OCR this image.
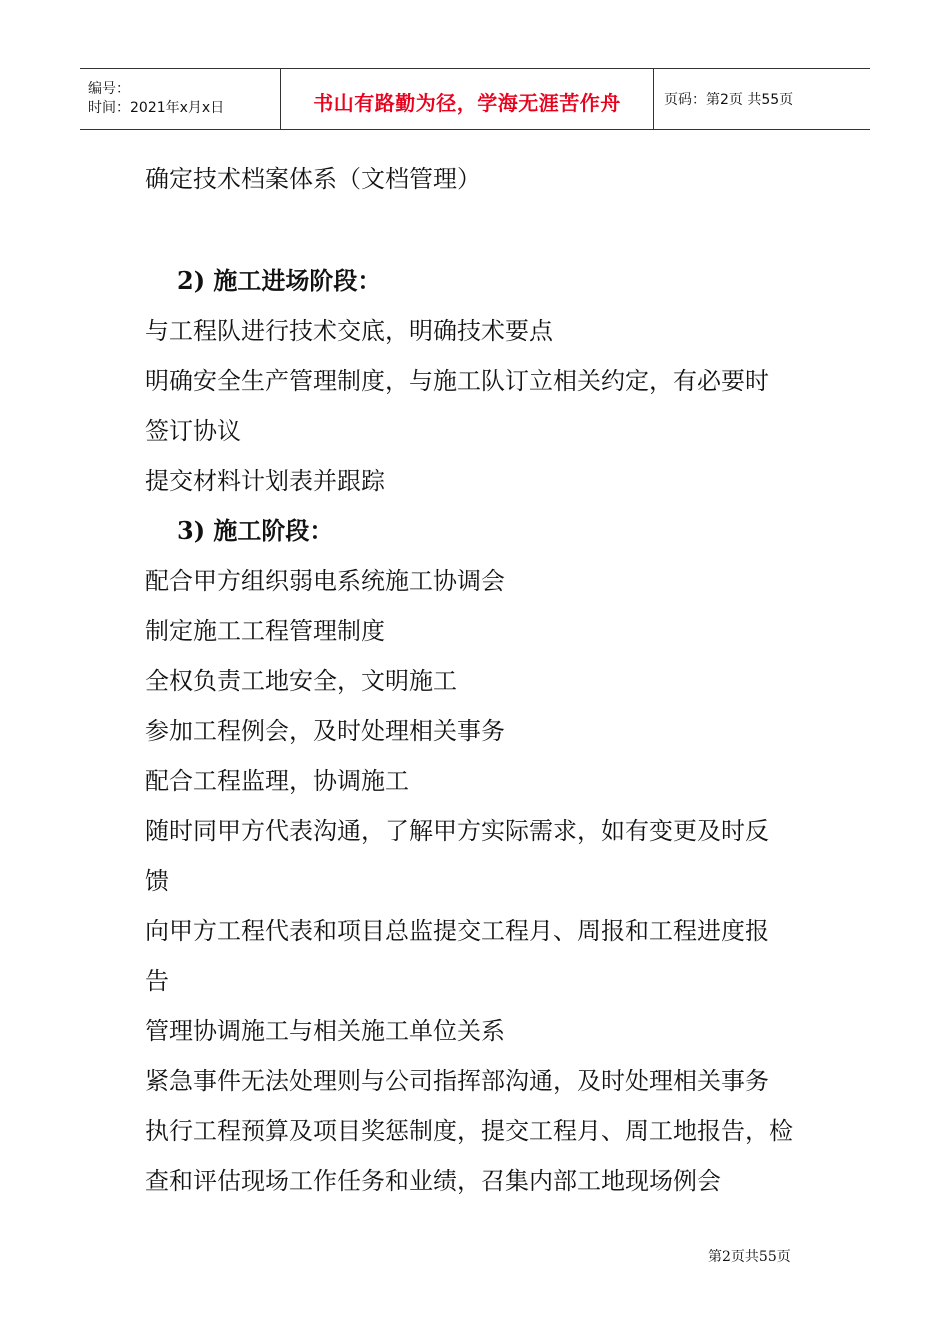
编号：
时间：2021年x月x日	书山有路勤为径，学海无涯苦作舟	页码：第2页 共55页
确定技术档案体系（文档管理）
2) 施工进场阶段：
与工程队进行技术交底，明确技术要点
明确安全生产管理制度，与施工队订立相关约定，有必要时
签订协议
提交材料计划表并跟踪
3) 施工阶段：
配合甲方组织弱电系统施工协调会
制定施工工程管理制度
全权负责工地安全，文明施工
参加工程例会，及时处理相关事务
配合工程监理，协调施工
随时同甲方代表沟通，了解甲方实际需求，如有变更及时反
馈
向甲方工程代表和项目总监提交工程月、周报和工程进度报
告
管理协调施工与相关施工单位关系
紧急事件无法处理则与公司指挥部沟通，及时处理相关事务
执行工程预算及项目奖惩制度，提交工程月、周工地报告，检
查和评估现场工作任务和业绩，召集内部工地现场例会
第2页共55页
